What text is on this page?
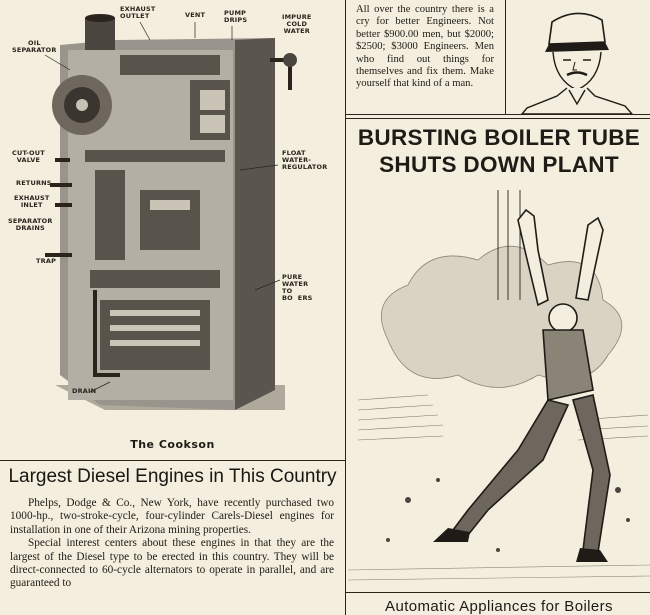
EXHAUST
OUTLET	VENT	PUMP
DRIPS	IMPURE
COLD
WATER
OIL
SEPARATOR
CUT-OUT
VALVE
RETURNS
EXHAUST
INLET
SEPARATOR
DRAINS
TRAP
FLOAT
WATER-
REGULATOR
PURE
WATER
TO
BO  ERS
DRAIN
The Cookson
Largest Diesel Engines in This Country

Phelps, Dodge & Co., New York, have recently purchased two 1000-hp., two-stroke-cycle, four-cylinder Carels-Diesel engines for installation in one of their Arizona mining properties.

Special interest centers about these engines in that they are the largest of the Diesel type to be erected in this country. They will be direct-connected to 60-cycle alternators to operate in parallel, and are guaranteed to

All over the country there is a cry for better Engineers. Not better $900.00 men, but $2000; $2500; $3000 Engineers. Men who find out things for themselves and fix them. Make yourself that kind of a man.
BURSTING BOILER TUBE
SHUTS DOWN PLANT
Automatic Appliances for Boilers
